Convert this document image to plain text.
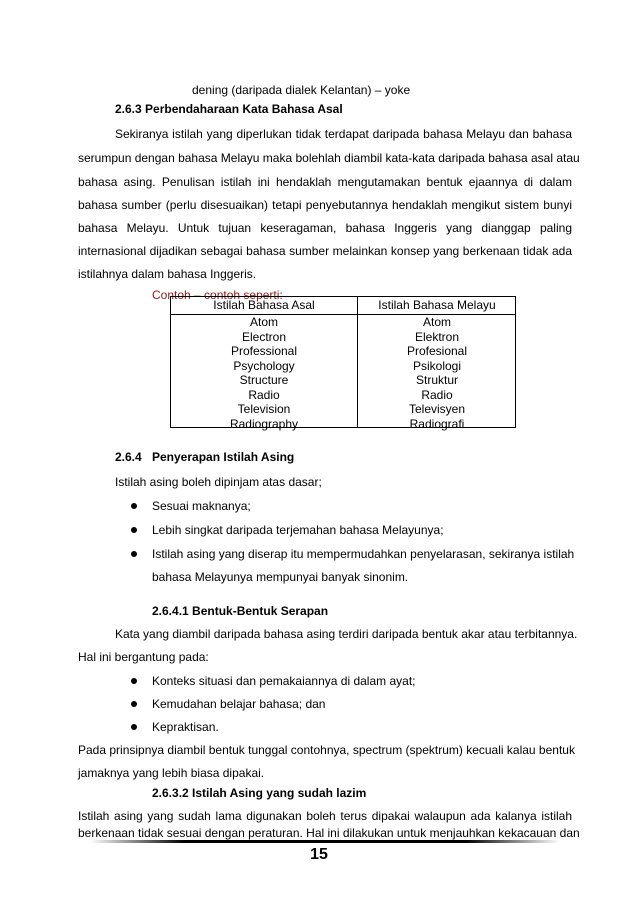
dening (daripada dialek Kelantan) – yoke
2.6.3 Perbendaharaan Kata Bahasa Asal
Sekiranya istilah yang diperlukan tidak terdapat daripada bahasa Melayu dan bahasa
serumpun dengan bahasa Melayu maka bolehlah diambil kata-kata daripada bahasa asal atau
bahasa asing. Penulisan istilah ini hendaklah mengutamakan bentuk ejaannya di dalam
bahasa sumber (perlu disesuaikan) tetapi penyebutannya hendaklah mengikut sistem bunyi
bahasa Melayu. Untuk tujuan keseragaman, bahasa Inggeris yang dianggap paling
internasional dijadikan sebagai bahasa sumber melainkan konsep yang berkenaan tidak ada
istilahnya dalam bahasa Inggeris.
Contoh – contoh seperti:
Istilah Bahasa Asal
Atom
Electron
Professional
Psychology
Structure
Radio
Television
Radiography
Istilah Bahasa Melayu
Atom
Elektron
Profesional
Psikologi
Struktur
Radio
Televisyen
Radiografi
2.6.4 Penyerapan Istilah Asing
Istilah asing boleh dipinjam atas dasar;
Sesuai maknanya;
Lebih singkat daripada terjemahan bahasa Melayunya;
Istilah asing yang diserap itu mempermudahkan penyelarasan, sekiranya istilah
bahasa Melayunya mempunyai banyak sinonim.
2.6.4.1 Bentuk-Bentuk Serapan
Kata yang diambil daripada bahasa asing terdiri daripada bentuk akar atau terbitannya.
Hal ini bergantung pada:
Konteks situasi dan pemakaiannya di dalam ayat;
Kemudahan belajar bahasa; dan
Kepraktisan.
Pada prinsipnya diambil bentuk tunggal contohnya, spectrum (spektrum) kecuali kalau bentuk
jamaknya yang lebih biasa dipakai.
2.6.3.2 Istilah Asing yang sudah lazim
Istilah asing yang sudah lama digunakan boleh terus dipakai walaupun ada kalanya istilah
berkenaan tidak sesuai dengan peraturan. Hal ini dilakukan untuk menjauhkan kekacauan dan
15
